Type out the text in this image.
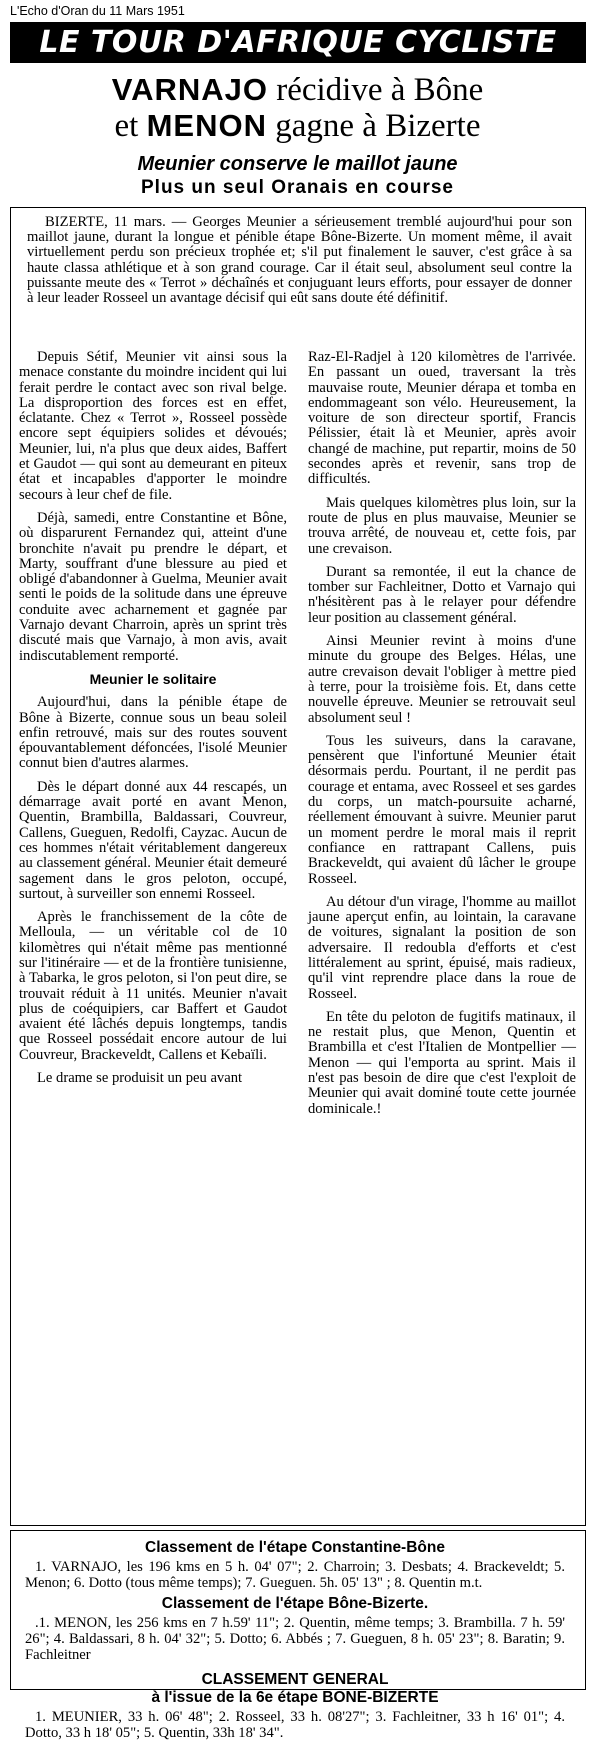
L'Echo d'Oran du 11 Mars 1951
LE TOUR D'AFRIQUE CYCLISTE
VARNAJO récidive à Bône
et MENON gagne à Bizerte
Meunier conserve le maillot jaune
Plus un seul Oranais en course

BIZERTE, 11 mars. — Georges Meunier a sérieusement tremblé aujourd'hui pour son maillot jaune, durant la longue et pénible étape Bône-Bizerte. Un moment même, il avait virtuellement perdu son précieux trophée et; s'il put finalement le sauver, c'est grâce à sa haute classa athlétique et à son grand courage. Car il était seul, absolument seul contre la puissante meute des « Terrot » déchaînés et conjuguant leurs efforts, pour essayer de donner à leur leader Rosseel un avantage décisif qui eût sans doute été définitif.

Depuis Sétif, Meunier vit ainsi sous la menace constante du moindre incident qui lui ferait perdre le contact avec son rival belge. La disproportion des forces est en effet, éclatante. Chez « Terrot », Rosseel possède encore sept équipiers solides et dévoués; Meunier, lui, n'a plus que deux aides, Baffert et Gaudot — qui sont au demeurant en piteux état et incapables d'apporter le moindre secours à leur chef de file.

Déjà, samedi, entre Constantine et Bône, où disparurent Fernandez qui, atteint d'une bronchite n'avait pu prendre le départ, et Marty, souffrant d'une blessure au pied et obligé d'abandonner à Guelma, Meunier avait senti le poids de la solitude dans une épreuve conduite avec acharnement et gagnée par Varnajo devant Charroin, après un sprint très discuté mais que Varnajo, à mon avis, avait indiscutablement remporté.

Meunier le solitaire

Aujourd'hui, dans la pénible étape de Bône à Bizerte, connue sous un beau soleil enfin retrouvé, mais sur des routes souvent épouvantablement défoncées, l'isolé Meunier connut bien d'autres alarmes.

Dès le départ donné aux 44 rescapés, un démarrage avait porté en avant Menon, Quentin, Brambilla, Baldassari, Couvreur, Callens, Gueguen, Redolfi, Cayzac. Aucun de ces hommes n'était véritablement dangereux au classement général. Meunier était demeuré sagement dans le gros peloton, occupé, surtout, à surveiller son ennemi Rosseel.

Après le franchissement de la côte de Melloula, — un véritable col de 10 kilomètres qui n'était même pas mentionné sur l'itinéraire — et de la frontière tunisienne, à Tabarka, le gros peloton, si l'on peut dire, se trouvait réduit à 11 unités. Meunier n'avait plus de coéquipiers, car Baffert et Gaudot avaient été lâchés depuis longtemps, tandis que Rosseel possédait encore autour de lui Couvreur, Brackeveldt, Callens et Kebaïli.

Le drame se produisit un peu avant

Raz-El-Radjel à 120 kilomètres de l'arrivée. En passant un oued, traversant la très mauvaise route, Meunier dérapa et tomba en endommageant son vélo. Heureusement, la voiture de son directeur sportif, Francis Pélissier, était là et Meunier, après avoir changé de machine, put repartir, moins de 50 secondes après et revenir, sans trop de difficultés.

Mais quelques kilomètres plus loin, sur la route de plus en plus mauvaise, Meunier se trouva arrêté, de nouveau et, cette fois, par une crevaison.

Durant sa remontée, il eut la chance de tomber sur Fachleitner, Dotto et Varnajo qui n'hésitèrent pas à le relayer pour défendre leur position au classement général.

Ainsi Meunier revint à moins d'une minute du groupe des Belges. Hélas, une autre crevaison devait l'obliger à mettre pied à terre, pour la troisième fois. Et, dans cette nouvelle épreuve. Meunier se retrouvait seul absolument seul !

Tous les suiveurs, dans la caravane, pensèrent que l'infortuné Meunier était désormais perdu. Pourtant, il ne perdit pas courage et entama, avec Rosseel et ses gardes du corps, un match-poursuite acharné, réellement émouvant à suivre. Meunier parut un moment perdre le moral mais il reprit confiance en rattrapant Callens, puis Brackeveldt, qui avaient dû lâcher le groupe Rosseel.

Au détour d'un virage, l'homme au maillot jaune aperçut enfin, au lointain, la caravane de voitures, signalant la position de son adversaire. Il redoubla d'efforts et c'est littéralement au sprint, épuisé, mais radieux, qu'il vint reprendre place dans la roue de Rosseel.

En tête du peloton de fugitifs matinaux, il ne restait plus, que Menon, Quentin et Brambilla et c'est l'Italien de Montpellier — Menon — qui l'emporta au sprint. Mais il n'est pas besoin de dire que c'est l'exploit de Meunier qui avait dominé toute cette journée dominicale.!

Classement de l'étape Constantine-Bône

1. VARNAJO, les 196 kms en 5 h. 04' 07"; 2. Charroin; 3. Desbats; 4. Brackeveldt; 5. Menon; 6. Dotto (tous même temps); 7. Gueguen. 5h. 05' 13" ; 8. Quentin m.t.

Classement de l'étape Bône-Bizerte.

.1. MENON, les 256 kms en 7 h.59' 11"; 2. Quentin, même temps; 3. Brambilla. 7 h. 59' 26"; 4. Baldassari, 8 h. 04' 32"; 5. Dotto; 6. Abbés ; 7. Gueguen, 8 h. 05' 23"; 8. Baratin; 9. Fachleitner

CLASSEMENT GENERAL
à l'issue de la 6e étape BONE-BIZERTE

1. MEUNIER, 33 h. 06' 48"; 2. Rosseel, 33 h. 08'27"; 3. Fachleitner, 33 h 16' 01"; 4. Dotto, 33 h 18' 05"; 5. Quentin, 33h 18' 34".
